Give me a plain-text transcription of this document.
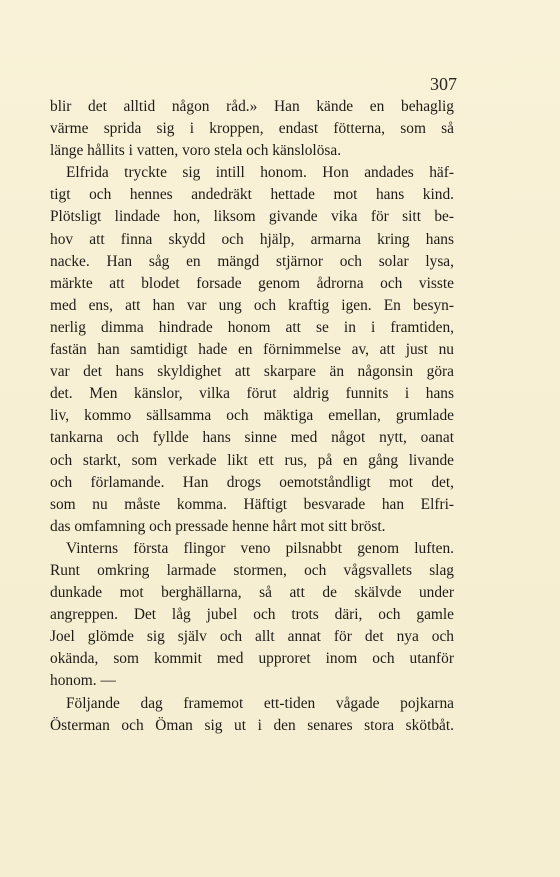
307
blir det alltid någon råd.» Han kände en behaglig
värme sprida sig i kroppen, endast fötterna, som så
länge hållits i vatten, voro stela och känslolösa.
Elfrida tryckte sig intill honom. Hon andades häf-
tigt och hennes andedräkt hettade mot hans kind.
Plötsligt lindade hon, liksom givande vika för sitt be-
hov att finna skydd och hjälp, armarna kring hans
nacke. Han såg en mängd stjärnor och solar lysa,
märkte att blodet forsade genom ådrorna och visste
med ens, att han var ung och kraftig igen. En besyn-
nerlig dimma hindrade honom att se in i framtiden,
fastän han samtidigt hade en förnimmelse av, att just nu
var det hans skyldighet att skarpare än någonsin göra
det. Men känslor, vilka förut aldrig funnits i hans
liv, kommo sällsamma och mäktiga emellan, grumlade
tankarna och fyllde hans sinne med något nytt, oanat
och starkt, som verkade likt ett rus, på en gång livande
och förlamande. Han drogs oemotståndligt mot det,
som nu måste komma. Häftigt besvarade han Elfri-
das omfamning och pressade henne hårt mot sitt bröst.
Vinterns första flingor veno pilsnabbt genom luften.
Runt omkring larmade stormen, och vågsvallets slag
dunkade mot berghällarna, så att de skälvde under
angreppen. Det låg jubel och trots däri, och gamle
Joel glömde sig själv och allt annat för det nya och
okända, som kommit med upproret inom och utanför
honom. —
Följande dag framemot ett-tiden vågade pojkarna
Österman och Öman sig ut i den senares stora skötbåt.
